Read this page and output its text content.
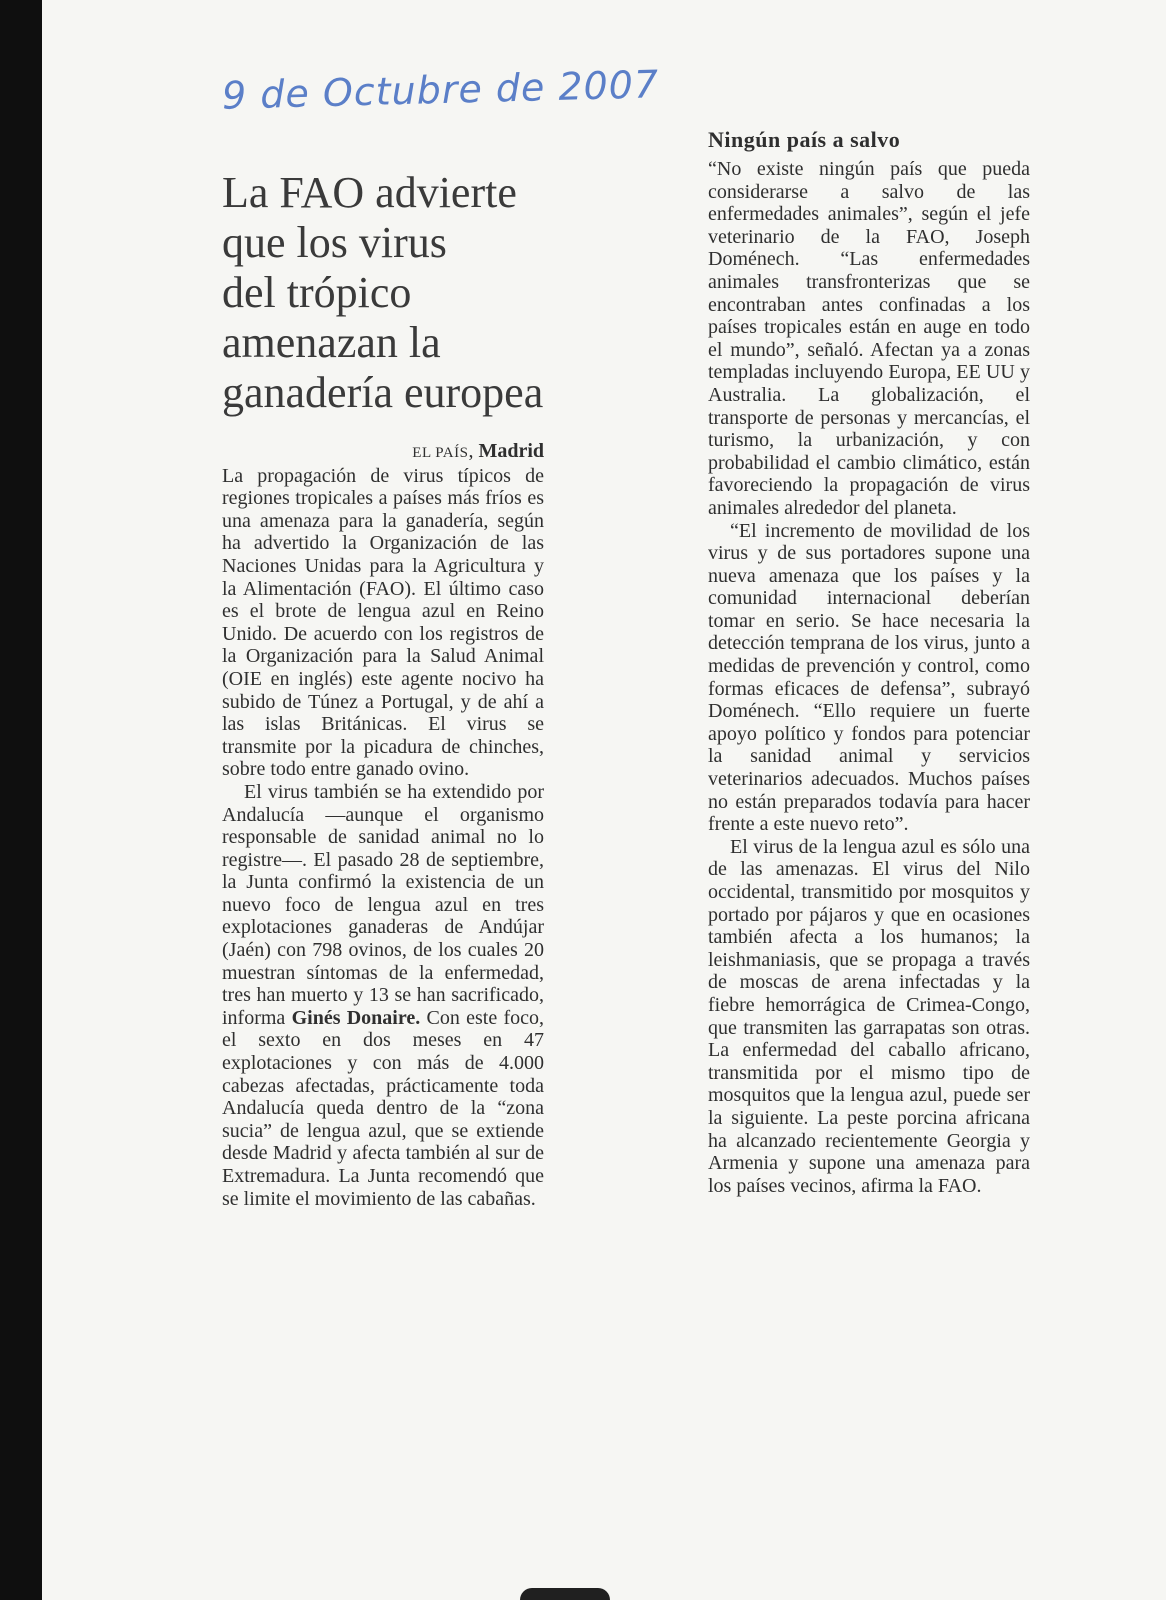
9 de Octubre de 2007
La FAO advierte
que los virus
del trópico
amenazan la
ganadería europea

EL PAÍS, Madrid

La propagación de virus típicos de regiones tropicales a países más fríos es una amenaza para la ganadería, según ha advertido la Organización de las Naciones Unidas para la Agricultura y la Alimentación (FAO). El último caso es el brote de lengua azul en Reino Unido. De acuerdo con los registros de la Organización para la Salud Animal (OIE en inglés) este agente nocivo ha subido de Túnez a Portugal, y de ahí a las islas Británicas. El virus se transmite por la picadura de chinches, sobre todo entre ganado ovino.

El virus también se ha extendido por Andalucía —aunque el organismo responsable de sanidad animal no lo registre—. El pasado 28 de septiembre, la Junta confirmó la existencia de un nuevo foco de lengua azul en tres explotaciones ganaderas de Andújar (Jaén) con 798 ovinos, de los cuales 20 muestran síntomas de la enfermedad, tres han muerto y 13 se han sacrificado, informa Ginés Donaire. Con este foco, el sexto en dos meses en 47 explotaciones y con más de 4.000 cabezas afectadas, prácticamente toda Andalucía queda dentro de la “zona sucia” de lengua azul, que se extiende desde Madrid y afecta también al sur de Extremadura. La Junta recomendó que se limite el movimiento de las cabañas.

Ningún país a salvo

“No existe ningún país que pueda considerarse a salvo de las enfermedades animales”, según el jefe veterinario de la FAO, Joseph Doménech. “Las enfermedades animales transfronterizas que se encontraban antes confinadas a los países tropicales están en auge en todo el mundo”, señaló. Afectan ya a zonas templadas incluyendo Europa, EE UU y Australia. La globalización, el transporte de personas y mercancías, el turismo, la urbanización, y con probabilidad el cambio climático, están favoreciendo la propagación de virus animales alrededor del planeta.

“El incremento de movilidad de los virus y de sus portadores supone una nueva amenaza que los países y la comunidad internacional deberían tomar en serio. Se hace necesaria la detección temprana de los virus, junto a medidas de prevención y control, como formas eficaces de defensa”, subrayó Doménech. “Ello requiere un fuerte apoyo político y fondos para potenciar la sanidad animal y servicios veterinarios adecuados. Muchos países no están preparados todavía para hacer frente a este nuevo reto”.

El virus de la lengua azul es sólo una de las amenazas. El virus del Nilo occidental, transmitido por mosquitos y portado por pájaros y que en ocasiones también afecta a los humanos; la leishmaniasis, que se propaga a través de moscas de arena infectadas y la fiebre hemorrágica de Crimea-Congo, que transmiten las garrapatas son otras. La enfermedad del caballo africano, transmitida por el mismo tipo de mosquitos que la lengua azul, puede ser la siguiente. La peste porcina africana ha alcanzado recientemente Georgia y Armenia y supone una amenaza para los países vecinos, afirma la FAO.
